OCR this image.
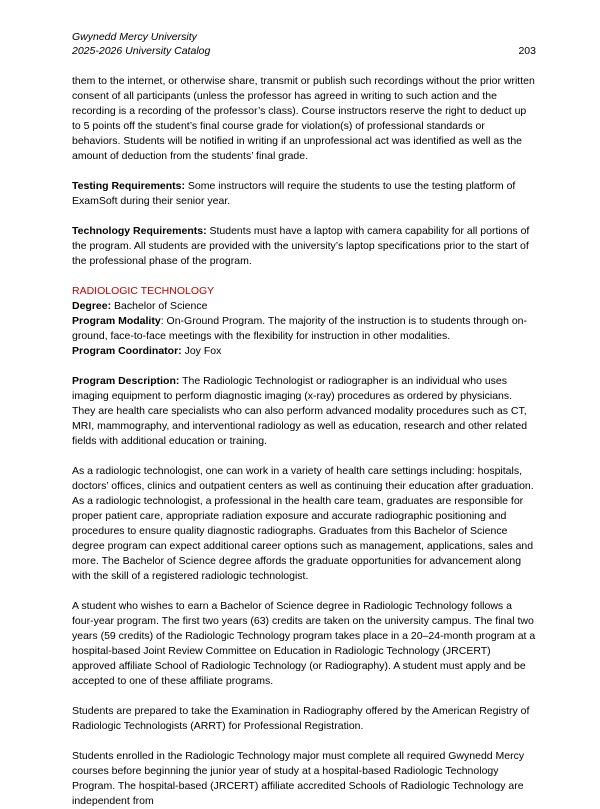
Gwynedd Mercy University
2025-2026 University Catalog	203

them to the internet, or otherwise share, transmit or publish such recordings without the prior written consent of all participants (unless the professor has agreed in writing to such action and the recording is a recording of the professor’s class). Course instructors reserve the right to deduct up to 5 points off the student’s final course grade for violation(s) of professional standards or behaviors. Students will be notified in writing if an unprofessional act was identified as well as the amount of deduction from the students’ final grade.

Testing Requirements: Some instructors will require the students to use the testing platform of ExamSoft during their senior year.

Technology Requirements: Students must have a laptop with camera capability for all portions of the program. All students are provided with the university’s laptop specifications prior to the start of the professional phase of the program.

RADIOLOGIC TECHNOLOGY
Degree: Bachelor of Science
Program Modality: On-Ground Program. The majority of the instruction is to students through on-ground, face-to-face meetings with the flexibility for instruction in other modalities.
Program Coordinator: Joy Fox

Program Description: The Radiologic Technologist or radiographer is an individual who uses imaging equipment to perform diagnostic imaging (x-ray) procedures as ordered by physicians. They are health care specialists who can also perform advanced modality procedures such as CT, MRI, mammography, and interventional radiology as well as education, research and other related fields with additional education or training.

As a radiologic technologist, one can work in a variety of health care settings including: hospitals, doctors’ offices, clinics and outpatient centers as well as continuing their education after graduation. As a radiologic technologist, a professional in the health care team, graduates are responsible for proper patient care, appropriate radiation exposure and accurate radiographic positioning and procedures to ensure quality diagnostic radiographs. Graduates from this Bachelor of Science degree program can expect additional career options such as management, applications, sales and more. The Bachelor of Science degree affords the graduate opportunities for advancement along with the skill of a registered radiologic technologist.

A student who wishes to earn a Bachelor of Science degree in Radiologic Technology follows a four-year program. The first two years (63) credits are taken on the university campus. The final two years (59 credits) of the Radiologic Technology program takes place in a 20–24-month program at a hospital-based Joint Review Committee on Education in Radiologic Technology (JRCERT) approved affiliate School of Radiologic Technology (or Radiography). A student must apply and be accepted to one of these affiliate programs.

Students are prepared to take the Examination in Radiography offered by the American Registry of Radiologic Technologists (ARRT) for Professional Registration.

Students enrolled in the Radiologic Technology major must complete all required Gwynedd Mercy courses before beginning the junior year of study at a hospital-based Radiologic Technology Program. The hospital-based (JRCERT) affiliate accredited Schools of Radiologic Technology are independent from
